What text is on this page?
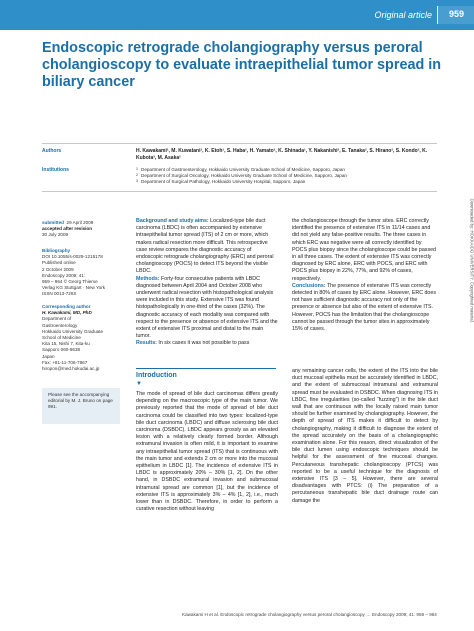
Original article 959
Endoscopic retrograde cholangiography versus peroral cholangioscopy to evaluate intraepithelial tumor spread in biliary cancer
Authors	H. Kawakami¹, M. Kuwatani¹, K. Etoh¹, S. Haba¹, H. Yamato¹, K. Shinada¹, Y. Nakanishi², E. Tanaka², S. Hirano², S. Kondo², K. Kubota³, M. Asaka¹
Institutions	1 Department of Gastroenterology, Hokkaido University Graduate School of Medicine, Sapporo, Japan
2 Department of Surgical Oncology, Hokkaido University Graduate School of Medicine, Sapporo, Japan
3 Department of Surgical Pathology, Hokkaido University Hospital, Sapporo, Japan
submitted 29 April 2009
accepted after revision
30 July 2009
Bibliography
DOI 10.1055/s-0029-1215178
Published online
2 October 2009
Endoscopy 2009; 41:
959 – 964 © Georg Thieme
Verlag KG Stuttgart · New York
ISSN 0013-726X
Corresponding author
H. Kawakami, MD, PhD
Department of
Gastroenterology
Hokkaido University Graduate
School of Medicine
Kita 15, Nishi 7, Kita-ku
Sapporo 060-8638
Japan
Fax: +81-11-706-7867
hiropon@med.hokudai.ac.jp
Please see the accompanying editorial by M. J. Bruno on page 991.

Background and study aims: Localized-type bile duct carcinoma (LBDC) is often accompanied by extensive intraepithelial tumor spread (ITS) of 2 cm or more, which makes radical resection more difficult. This retrospective case review compares the diagnostic accuracy of endoscopic retrograde cholangiography (ERC) and peroral cholangioscopy (POCS) to detect ITS beyond the visible LBDC.

Methods: Forty-four consecutive patients with LBDC diagnosed between April 2004 and October 2008 who underwent radical resection with histopathological analysis were included in this study. Extensive ITS was found histopathologically in one-third of the cases (32%). The diagnostic accuracy of each modality was compared with respect to the presence or absence of extensive ITS and the extent of extensive ITS proximal and distal to the main tumor.

Results: In six cases it was not possible to pass

the cholangioscope through the tumor sites. ERC correctly identified the presence of extensive ITS in 11/14 cases and did not yield any false-positive results. The three cases in which ERC was negative were all correctly identified by POCS plus biopsy since the cholangioscope could be passed in all three cases. The extent of extensive ITS was correctly diagnosed by ERC alone, ERC with POCS, and ERC with POCS plus biopsy in 22%, 77%, and 92% of cases, respectively.

Conclusions: The presence of extensive ITS was correctly detected in 80% of cases by ERC alone. However, ERC does not have sufficient diagnostic accuracy not only of the presence or absence but also of the extent of extensive ITS. However, POCS has the limitation that the cholangioscope cannot be passed through the tumor sites in approximately 15% of cases.

Introduction
▼

The mode of spread of bile duct carcinomas differs greatly depending on the macroscopic type of the main tumor. We previously reported that the mode of spread of bile duct carcinoma could be classified into two types: localized-type bile duct carcinoma (LBDC) and diffuse sclerosing bile duct carcinoma (DSBDC). LBDC appears grossly as an elevated lesion with a relatively clearly formed border. Although extramural invasion is often mild, it is important to examine any intraepithelial tumor spread (ITS) that is continuous with the main tumor and extends 2 cm or more into the mucosal epithelium in LBDC [1]. The incidence of extensive ITS in LBDC is approximately 20% – 30% [1, 2]. On the other hand, in DSBDC extramural invasion and submucosal intramural spread are common [1], but the incidence of extensive ITS is approximately 3% – 4% [1, 2], i.e., much lower than in DSBDC. Therefore, in order to perform a curative resection without leaving

any remaining cancer cells, the extent of the ITS into the bile duct mucosal epithelia must be accurately identified in LBDC, and the extent of submucosal intramural and extramural spread must be evaluated in DSBDC. When diagnosing ITS in LBDC, fine irregularities (so-called “fuzzing”) in the bile duct wall that are continuous with the locally raised main tumor should be further examined by cholangiography. However, the depth of spread of ITS makes it difficult to detect by cholangiography, making it difficult to diagnose the extent of the spread accurately on the basis of a cholangiographic examination alone. For this reason, direct visualization of the bile duct lumen using endoscopic techniques should be helpful for the assessment of fine mucosal changes. Percutaneous transhepatic cholangioscopy (PTCS) was reported to be a useful technique for the diagnosis of extensive ITS [3 – 5]. However, there are several disadvantages with PTCS: (i) The preparation of a percutaneous transhepatic bile duct drainage route can damage the

Kawakami H et al. Endoscopic retrograde cholangiography versus peroral cholangioscopy … Endoscopy 2009; 41: 959 – 964
Downloaded by: HOKKAIDO UNIVERSITY. Copyrighted material.
